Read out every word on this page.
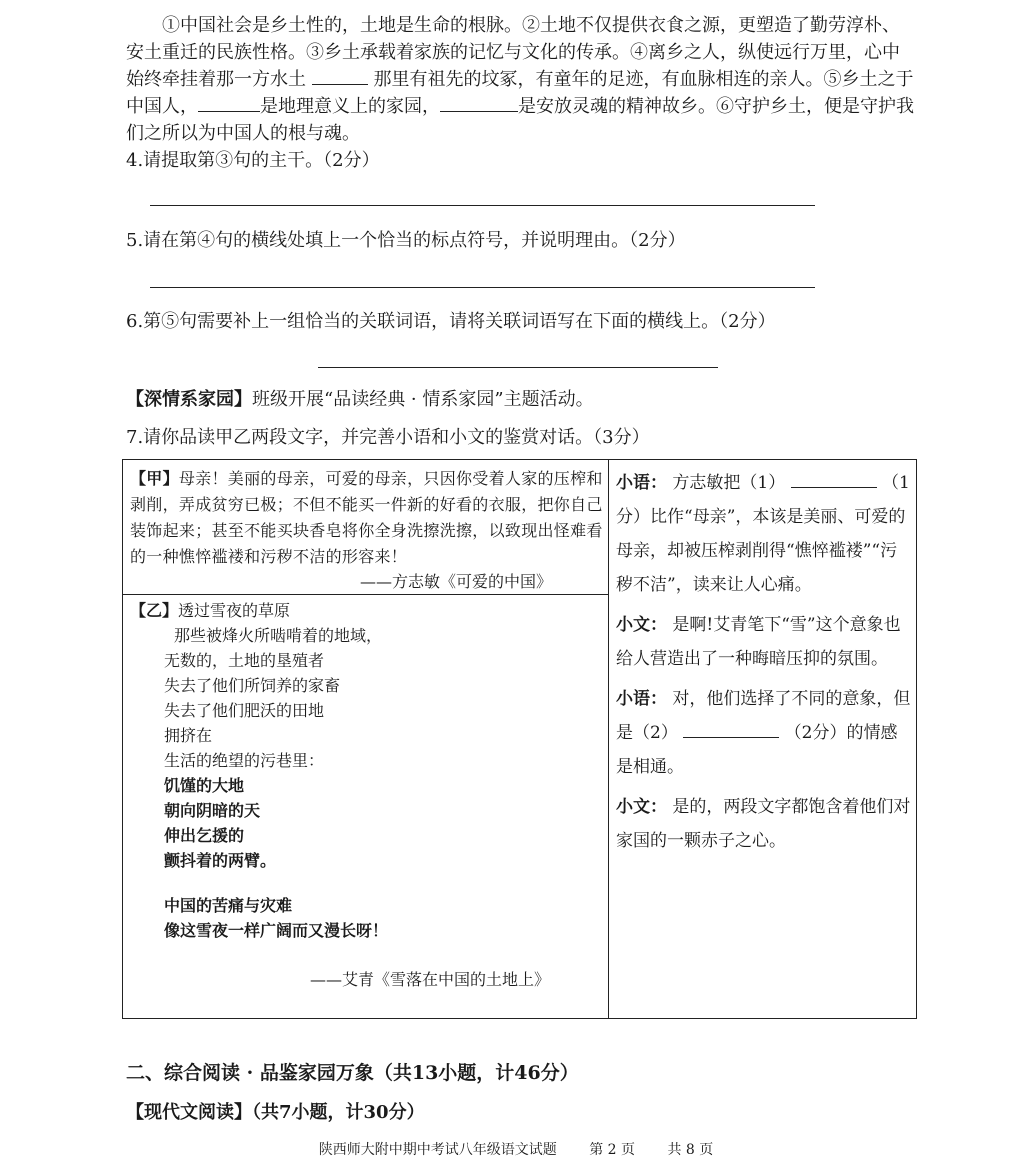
①中国社会是乡土性的，土地是生命的根脉。②土地不仅提供衣食之源，更塑造了勤劳淳朴、安土重迁的民族性格。③乡土承载着家族的记忆与文化的传承。④离乡之人，纵使远行万里，心中始终牵挂着那一方水土	那里有祖先的坟冢，有童年的足迹，有血脉相连的亲人。⑤乡土之于中国人，	是地理意义上的家园，	是安放灵魂的精神故乡。⑥守护乡土，便是守护我们之所以为中国人的根与魂。

4.请提取第③句的主干。（2分）
5.请在第④句的横线处填上一个恰当的标点符号，并说明理由。（2分）
6.第⑤句需要补上一组恰当的关联词语，请将关联词语写在下面的横线上。（2分）
【深情系家园】班级开展“品读经典 · 情系家园”主题活动。
7.请你品读甲乙两段文字，并完善小语和小文的鉴赏对话。（3分）
【甲】母亲！美丽的母亲，可爱的母亲，只因你受着人家的压榨和剥削，弄成贫穷已极；不但不能买一件新的好看的衣服，把你自己装饰起来；甚至不能买块香皂将你全身洗擦洗擦，以致现出怪难看的一种憔悴褴褛和污秽不洁的形容来！
——方志敏《可爱的中国》
【乙】透过雪夜的草原
那些被烽火所啮啃着的地域，
无数的，土地的垦殖者
失去了他们所饲养的家畜
失去了他们肥沃的田地
拥挤在
生活的绝望的污巷里：
饥馑的大地
朝向阴暗的天
伸出乞援的
颤抖着的两臂。
中国的苦痛与灾难
像这雪夜一样广阔而又漫长呀！
——艾青《雪落在中国的土地上》

小语： 方志敏把（1）	（1分）比作“母亲”，本该是美丽、可爱的母亲，却被压榨剥削得“憔悴褴褛”“污秽不洁”，读来让人心痛。

小文： 是啊!艾青笔下“雪”这个意象也给人营造出了一种晦暗压抑的氛围。

小语： 对，他们选择了不同的意象，但是（2）	（2分）的情感是相通。

小文： 是的，两段文字都饱含着他们对家国的一颗赤子之心。

二、综合阅读 · 品鉴家园万象（共13小题，计46分）
【现代文阅读】（共7小题，计30分）
陕西师大附中期中考试八年级语文试题 第 2 页 共 8 页
